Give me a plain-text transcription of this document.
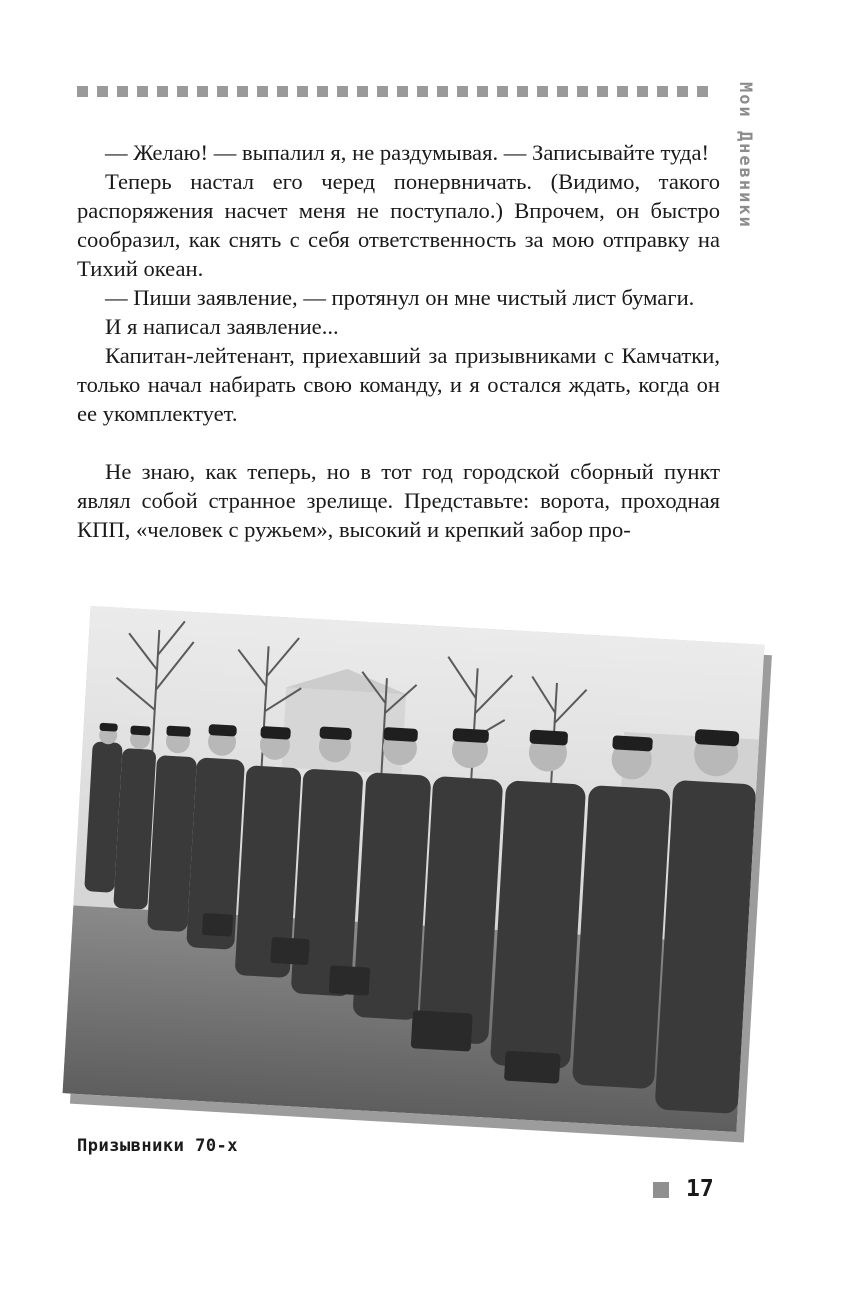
Мои Дневники

— Желаю! — выпалил я, не раздумывая. — Записывайте туда!

Теперь настал его черед понервничать. (Видимо, такого распоряжения насчет меня не поступало.) Впрочем, он быстро сообразил, как снять с себя ответственность за мою отправку на Тихий океан.

— Пиши заявление, — протянул он мне чистый лист бумаги.

И я написал заявление...

Капитан-лейтенант, приехавший за призывниками с Камчатки, только начал набирать свою команду, и я остался ждать, когда он ее укомплектует.

Не знаю, как теперь, но в тот год городской сборный пункт являл собой странное зрелище. Представьте: ворота, проходная КПП, «человек с ружьем», высокий и крепкий забор про-

Призывники 70-х
17
